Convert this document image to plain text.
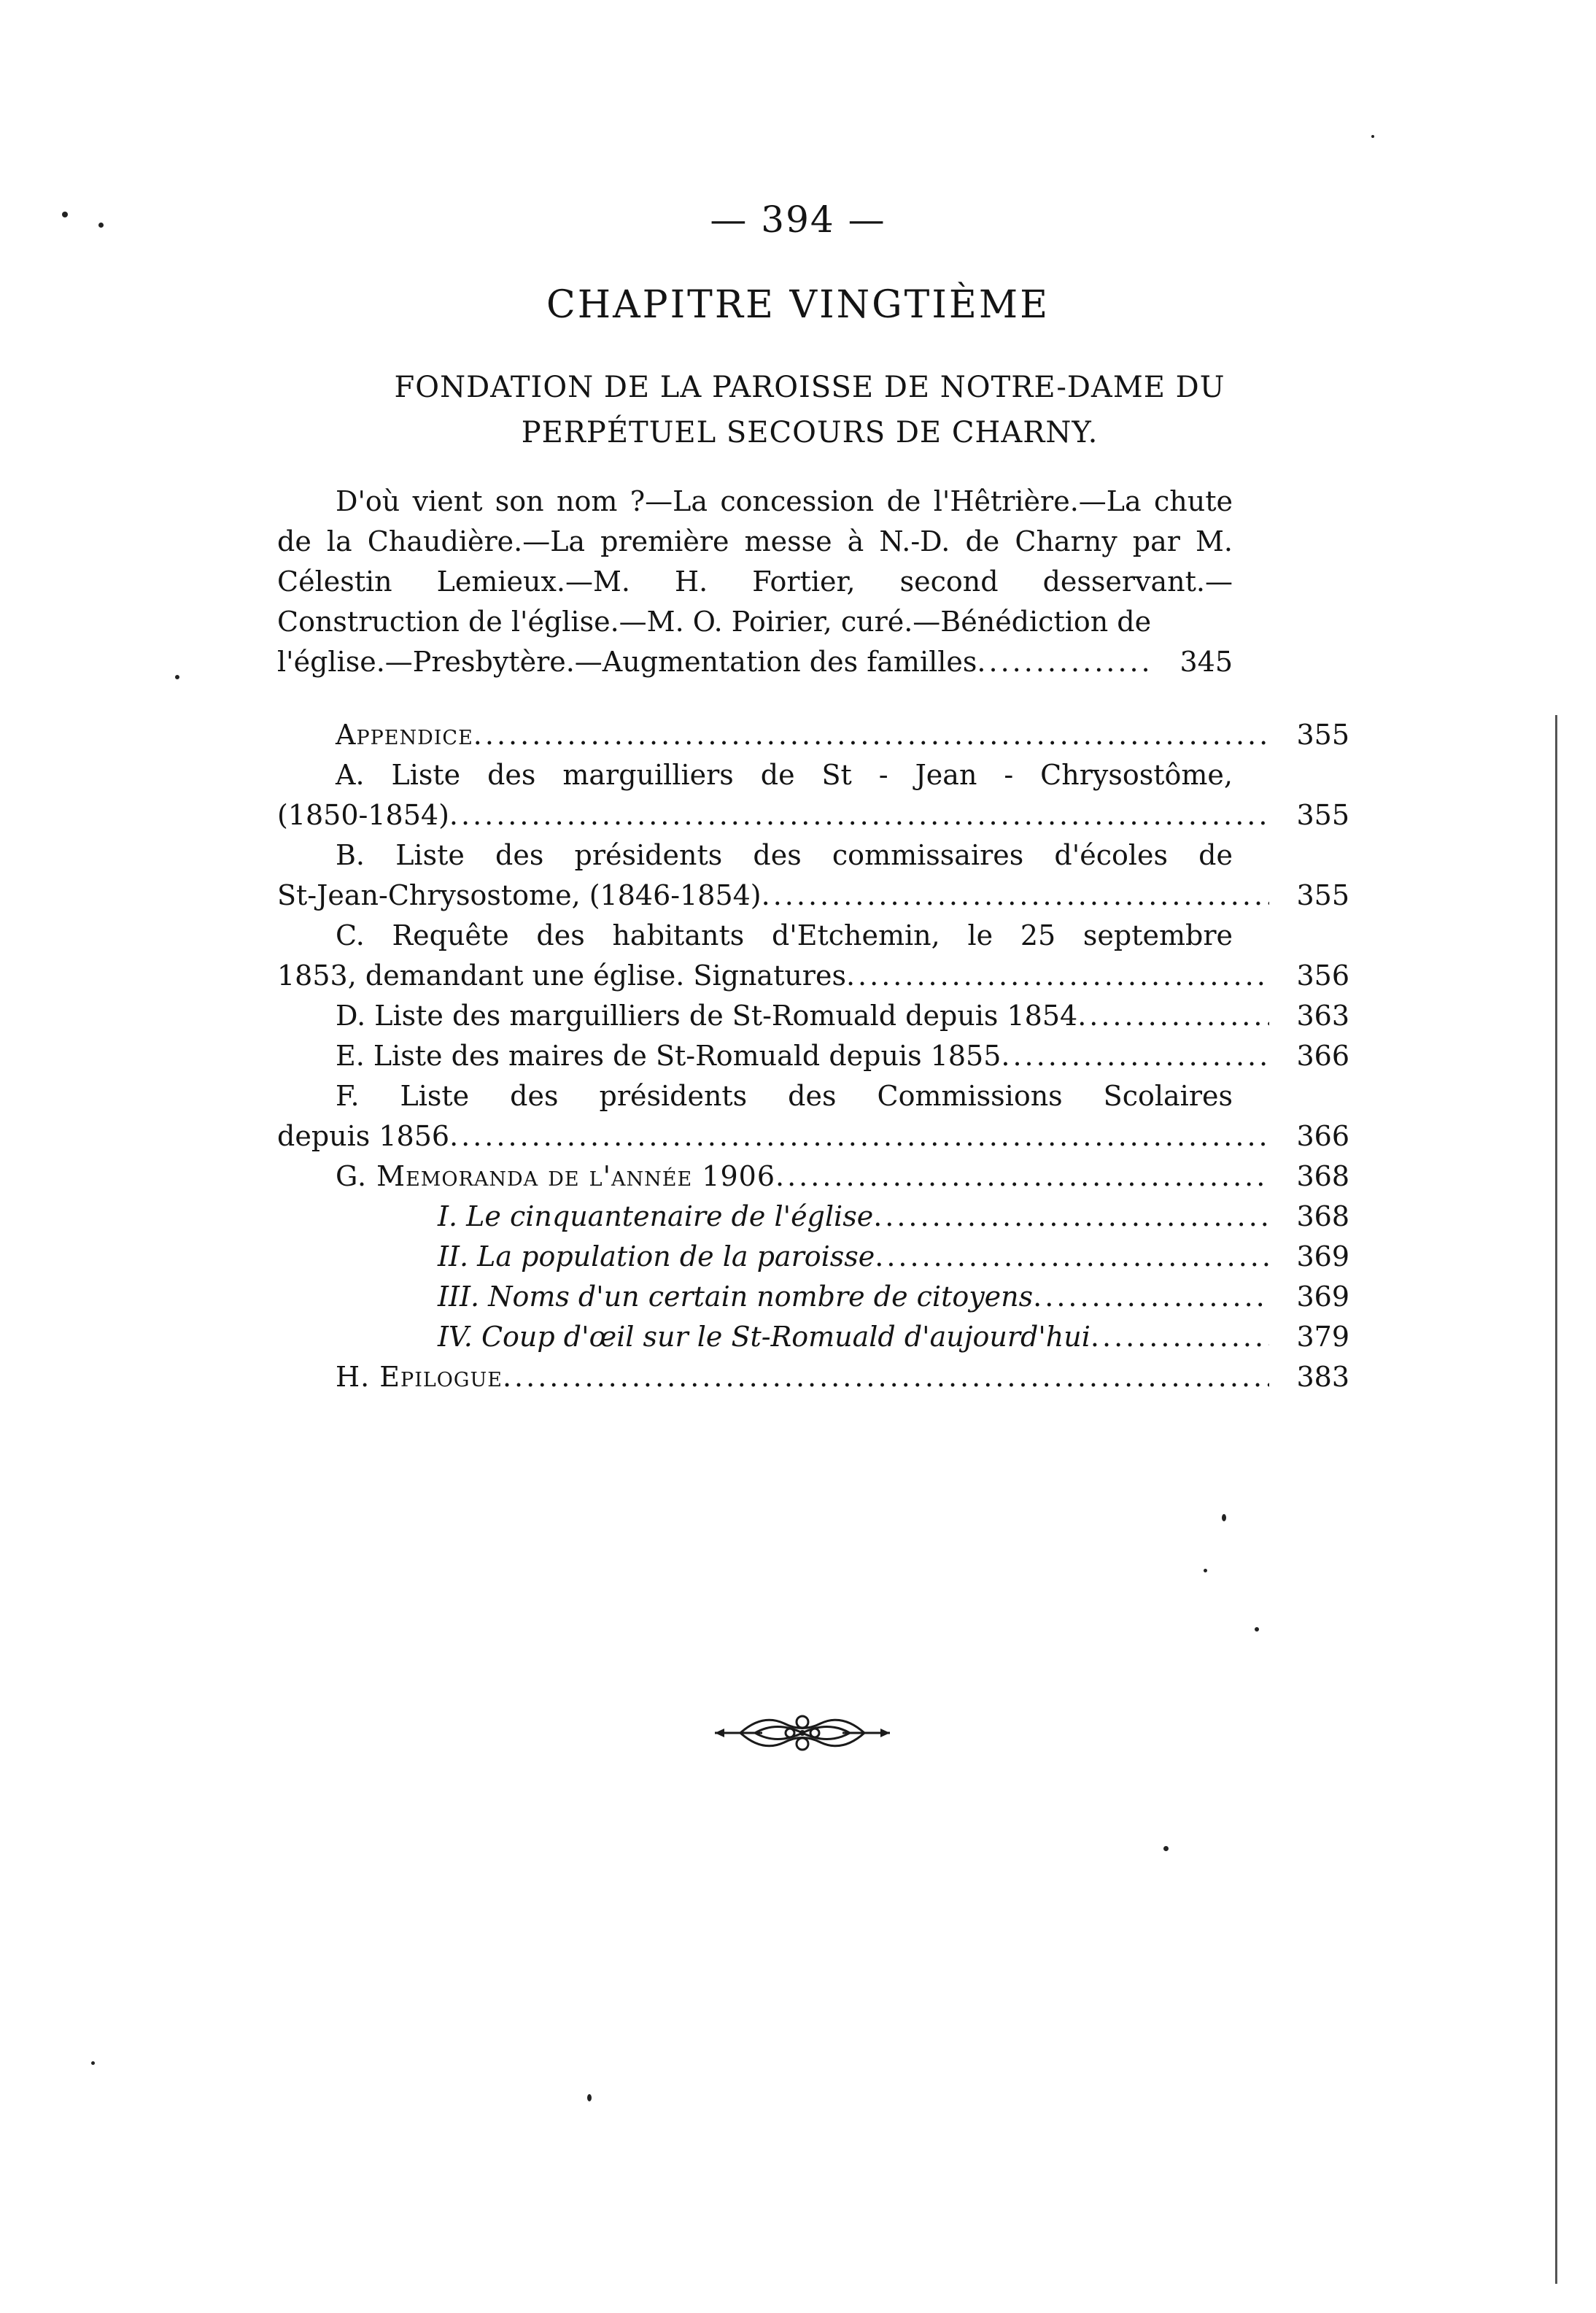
— 394 —
CHAPITRE VINGTIÈME
FONDATION DE LA PAROISSE DE NOTRE-DAME DU
PERPÉTUEL SECOURS DE CHARNY.

D'où vient son nom ?—La concession de l'Hêtrière.—La chute de la Chaudière.—La première messe à N.-D. de Charny par M. Célestin Lemieux.—M. H. Fortier, second desservant.— Construction de l'église.—M. O. Poirier, curé.—Bénédiction de

l'église.—Presbytère.—Augmentation des familles .....	345
Appendice .....	355
A. Liste des marguilliers de St - Jean - Chrysostôme,
(1850-1854) .....	355
B. Liste des présidents des commissaires d'écoles de
St-Jean-Chrysostome, (1846-1854) .....	355
C. Requête des habitants d'Etchemin, le 25 septembre
1853, demandant une église. Signatures .....	356
D. Liste des marguilliers de St-Romuald depuis 1854 .....	363
E. Liste des maires de St-Romuald depuis 1855 .....	366
F. Liste des présidents des Commissions Scolaires
depuis 1856 .....	366
G. Memoranda de l'année 1906 .....	368
I. Le cinquantenaire de l'église .....	368
II. La population de la paroisse .....	369
III. Noms d'un certain nombre de citoyens .....	369
IV. Coup d'œil sur le St-Romuald d'aujourd'hui .....	379
H. Epilogue .....	383
